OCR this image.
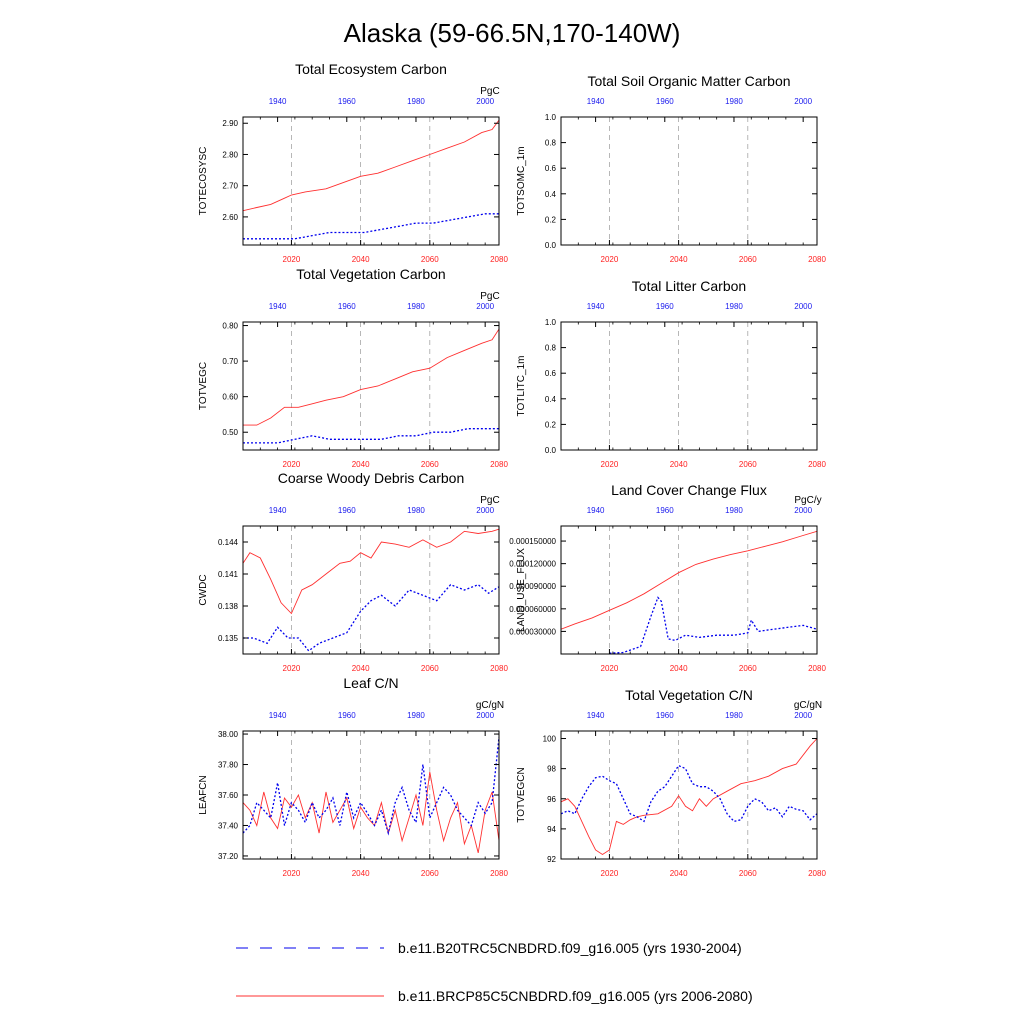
Alaska (59-66.5N,170-140W)
2020	2040	2060	2080
1940	1960	1980	2000
2.60
2.70
2.80
2.90
Total Ecosystem Carbon
PgC
TOTECOSYSC
2020	2040	2060	2080
1940	1960	1980	2000
0.0
0.2
0.4
0.6
0.8
1.0
Total Soil Organic Matter Carbon
TOTSOMC_1m
2020	2040	2060	2080
1940	1960	1980	2000
0.50
0.60
0.70
0.80
Total Vegetation Carbon
PgC
TOTVEGC
2020	2040	2060	2080
1940	1960	1980	2000
0.0
0.2
0.4
0.6
0.8
1.0
Total Litter Carbon
TOTLITC_1m
2020	2040	2060	2080
1940	1960	1980	2000
0.135
0.138
0.141
0.144
Coarse Woody Debris Carbon
PgC
CWDC
2020	2040	2060	2080
1940	1960	1980	2000
0.000030000
0.000060000
0.000090000
0.000120000
0.000150000
Land Cover Change Flux
PgC/y
LAND_USE_FLUX
2020	2040	2060	2080
1940	1960	1980	2000
37.20
37.40
37.60
37.80
38.00
Leaf C/N
gC/gN
LEAFCN
2020	2040	2060	2080
1940	1960	1980	2000
92
94
96
98
100
Total Vegetation C/N
gC/gN
TOTVEGCN
b.e11.B20TRC5CNBDRD.f09_g16.005 (yrs 1930-2004)
b.e11.BRCP85C5CNBDRD.f09_g16.005 (yrs 2006-2080)
